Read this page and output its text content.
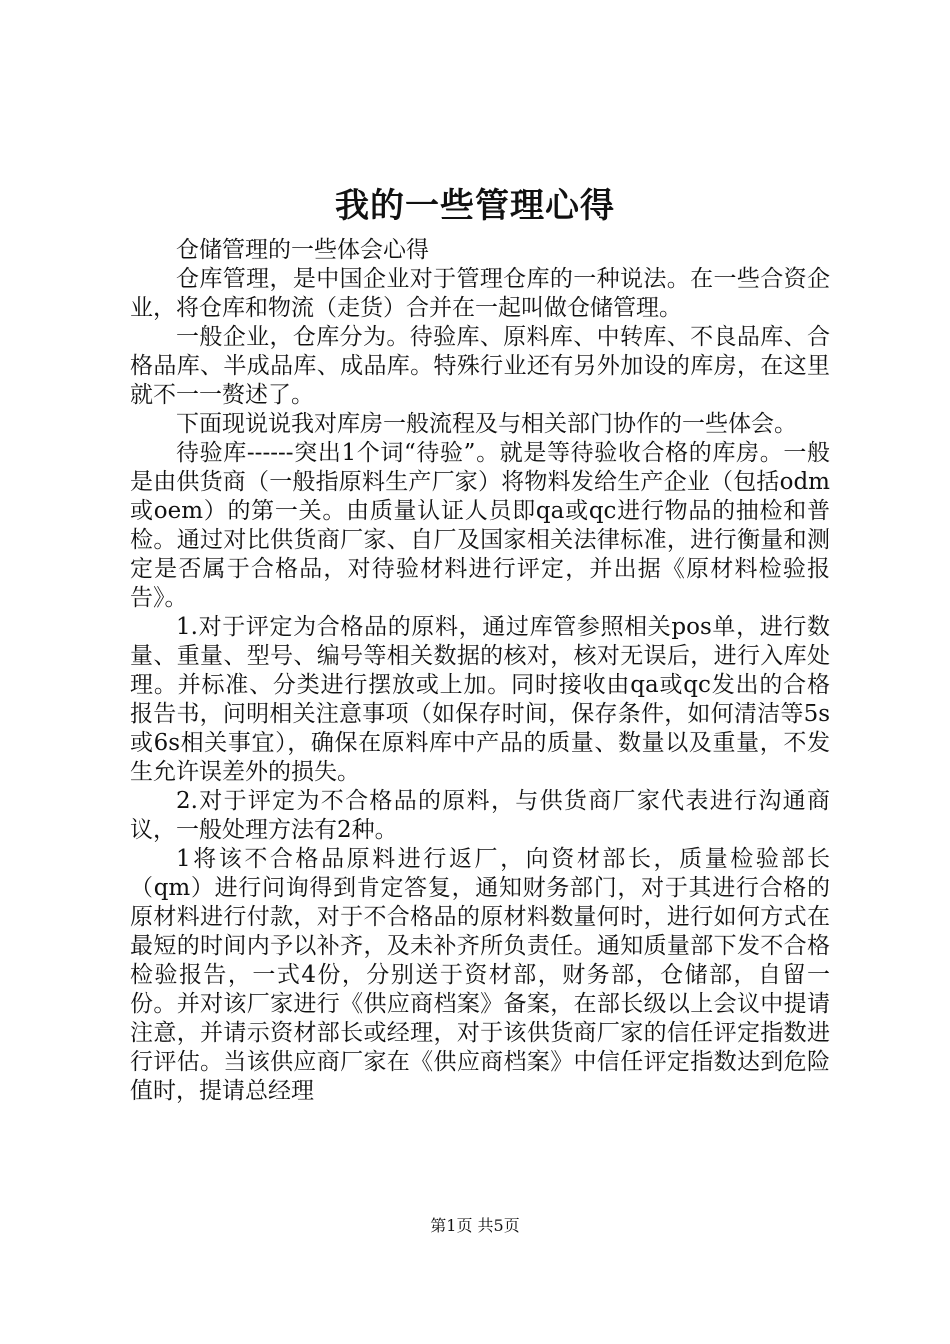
我的一些管理心得

仓储管理的一些体会心得

仓库管理，是中国企业对于管理仓库的一种说法。在一些合资企业，将仓库和物流（走货）合并在一起叫做仓储管理。

一般企业，仓库分为。待验库、原料库、中转库、不良品库、合格品库、半成品库、成品库。特殊行业还有另外加设的库房，在这里就不一一赘述了。

下面现说说我对库房一般流程及与相关部门协作的一些体会。

待验库------突出1个词“待验”。就是等待验收合格的库房。一般是由供货商（一般指原料生产厂家）将物料发给生产企业（包括odm或oem）的第一关。由质量认证人员即qa或qc进行物品的抽检和普检。通过对比供货商厂家、自厂及国家相关法律标准，进行衡量和测定是否属于合格品，对待验材料进行评定，并出据《原材料检验报告》。

1.对于评定为合格品的原料，通过库管参照相关pos单，进行数量、重量、型号、编号等相关数据的核对，核对无误后，进行入库处理。并标准、分类进行摆放或上加。同时接收由qa或qc发出的合格报告书，问明相关注意事项（如保存时间，保存条件，如何清洁等5s或6s相关事宜），确保在原料库中产品的质量、数量以及重量，不发生允许误差外的损失。

2.对于评定为不合格品的原料，与供货商厂家代表进行沟通商议，一般处理方法有2种。

1将该不合格品原料进行返厂，向资材部长，质量检验部长（qm）进行问询得到肯定答复，通知财务部门，对于其进行合格的原材料进行付款，对于不合格品的原材料数量何时，进行如何方式在最短的时间内予以补齐，及未补齐所负责任。通知质量部下发不合格检验报告，一式4份，分别送于资材部，财务部，仓储部，自留一份。并对该厂家进行《供应商档案》备案，在部长级以上会议中提请注意，并请示资材部长或经理，对于该供货商厂家的信任评定指数进行评估。当该供应商厂家在《供应商档案》中信任评定指数达到危险值时，提请总经理

第1页 共5页
